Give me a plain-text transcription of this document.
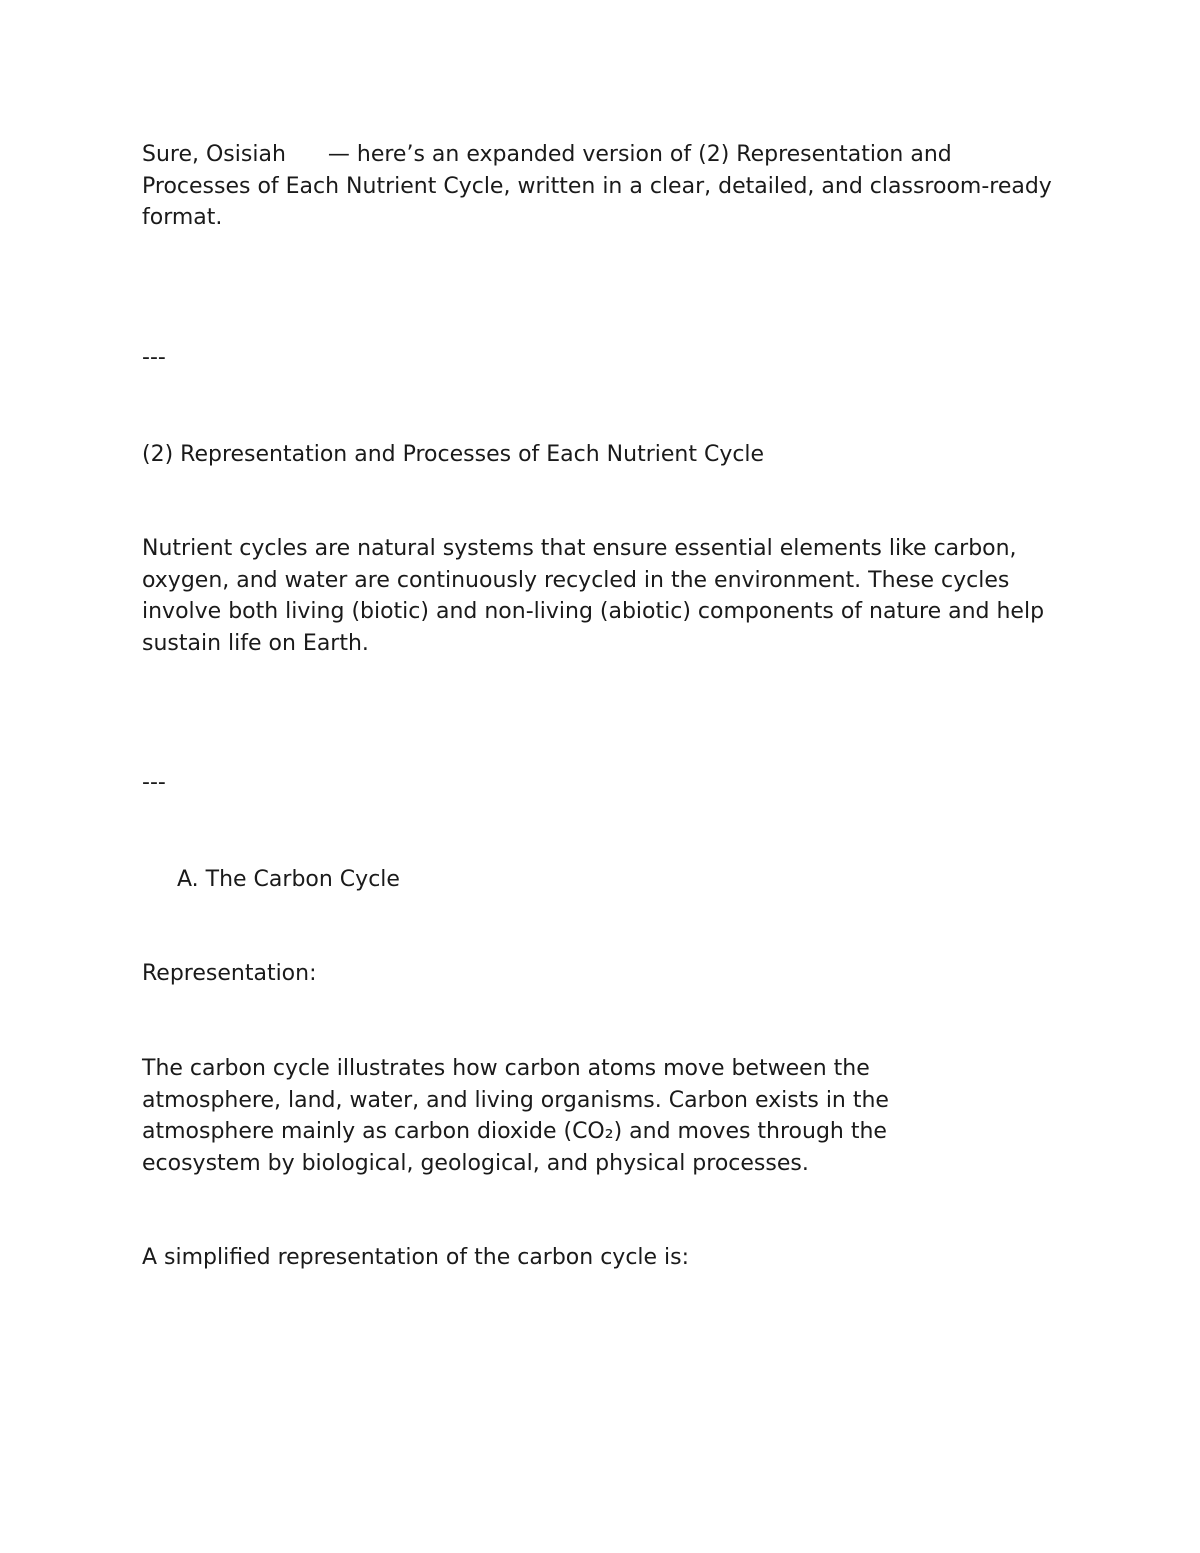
Sure, Osisiah — here’s an expanded version of (2) Representation and Processes of Each Nutrient Cycle, written in a clear, detailed, and classroom-ready format.

---

(2) Representation and Processes of Each Nutrient Cycle

Nutrient cycles are natural systems that ensure essential elements like carbon, oxygen, and water are continuously recycled in the environment. These cycles involve both living (biotic) and non-living (abiotic) components of nature and help sustain life on Earth.

---

A. The Carbon Cycle

Representation:

The carbon cycle illustrates how carbon atoms move between the atmosphere, land, water, and living organisms. Carbon exists in the atmosphere mainly as carbon dioxide (CO₂) and moves through the ecosystem by biological, geological, and physical processes.

A simplified representation of the carbon cycle is:
